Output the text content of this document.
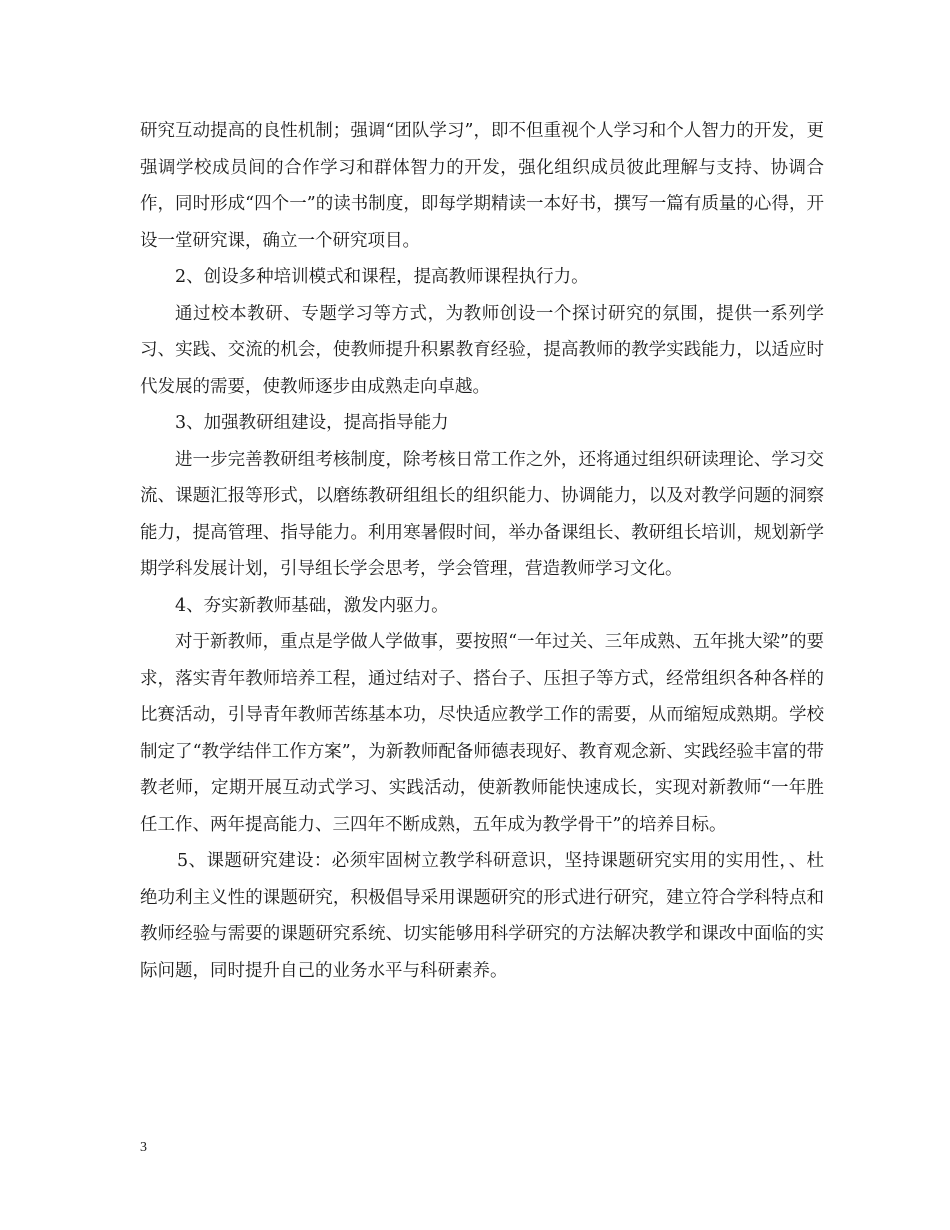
研究互动提高的良性机制；强调“团队学习”，即不但重视个人学习和个人智力的开发，更强调学校成员间的合作学习和群体智力的开发，强化组织成员彼此理解与支持、协调合作，同时形成“四个一”的读书制度，即每学期精读一本好书，撰写一篇有质量的心得，开设一堂研究课，确立一个研究项目。

2、创设多种培训模式和课程，提高教师课程执行力。

通过校本教研、专题学习等方式，为教师创设一个探讨研究的氛围，提供一系列学习、实践、交流的机会，使教师提升积累教育经验，提高教师的教学实践能力，以适应时代发展的需要，使教师逐步由成熟走向卓越。

3、加强教研组建设，提高指导能力

进一步完善教研组考核制度，除考核日常工作之外，还将通过组织研读理论、学习交流、课题汇报等形式，以磨练教研组组长的组织能力、协调能力，以及对教学问题的洞察能力，提高管理、指导能力。利用寒暑假时间，举办备课组长、教研组长培训，规划新学期学科发展计划，引导组长学会思考，学会管理，营造教师学习文化。

4、夯实新教师基础，激发内驱力。

对于新教师，重点是学做人学做事，要按照“一年过关、三年成熟、五年挑大梁”的要求，落实青年教师培养工程，通过结对子、搭台子、压担子等方式，经常组织各种各样的比赛活动，引导青年教师苦练基本功，尽快适应教学工作的需要，从而缩短成熟期。学校制定了“教学结伴工作方案”，为新教师配备师德表现好、教育观念新、实践经验丰富的带教老师，定期开展互动式学习、实践活动，使新教师能快速成长，实现对新教师“一年胜任工作、两年提高能力、三四年不断成熟，五年成为教学骨干”的培养目标。

5、课题研究建设：必须牢固树立教学科研意识，坚持课题研究实用的实用性，、杜绝功利主义性的课题研究，积极倡导采用课题研究的形式进行研究，建立符合学科特点和教师经验与需要的课题研究系统、切实能够用科学研究的方法解决教学和课改中面临的实际问题，同时提升自己的业务水平与科研素养。

3
